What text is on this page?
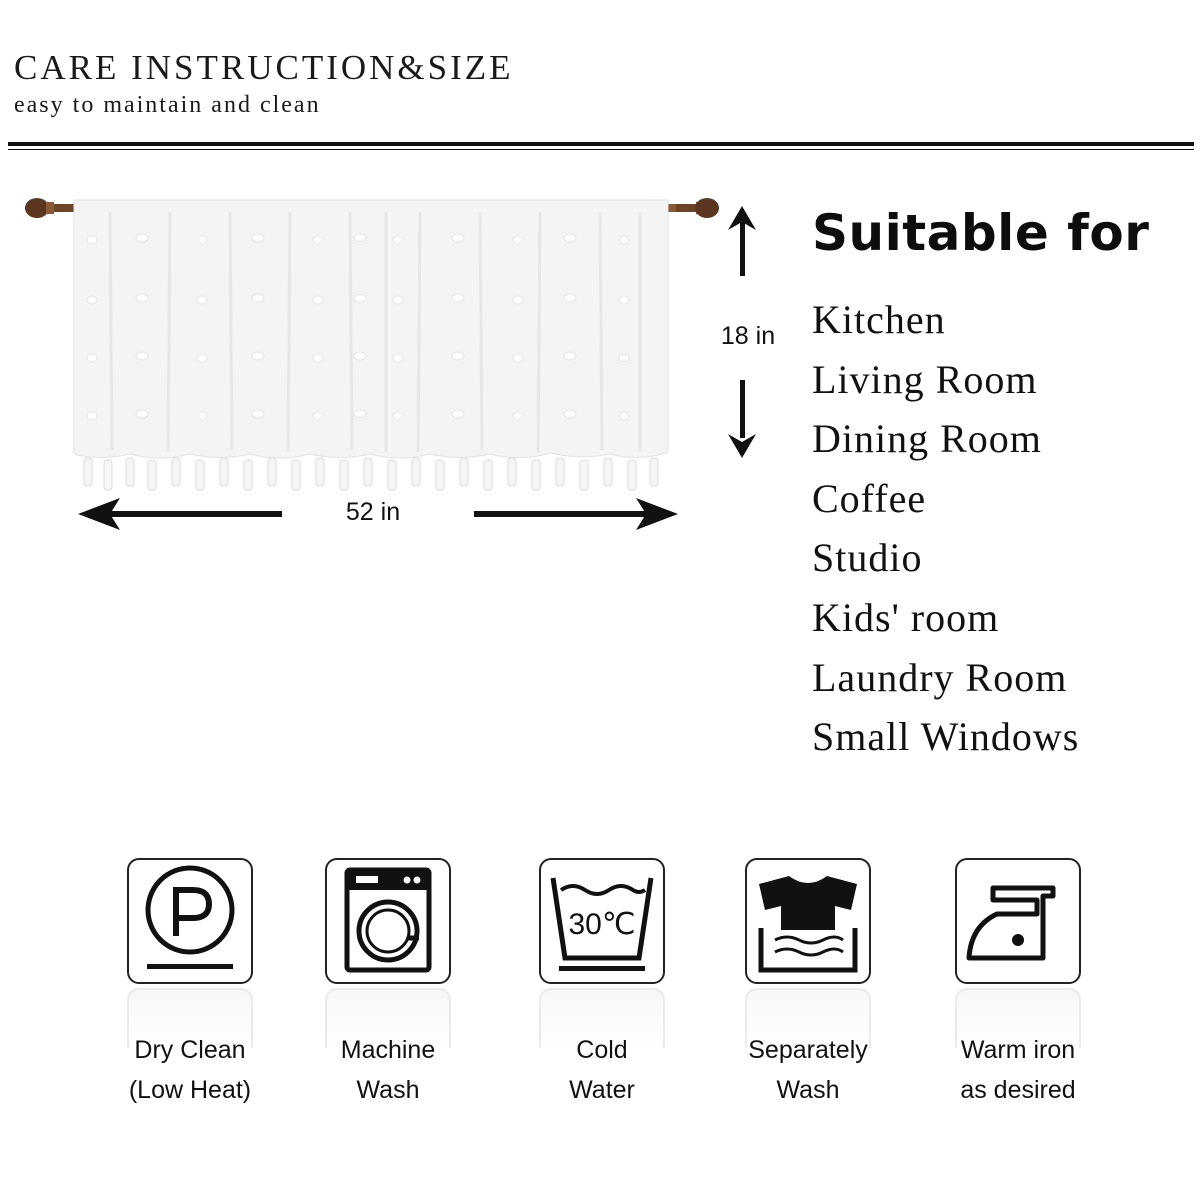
CARE INSTRUCTION&SIZE
easy to maintain and clean
52 in
18 in
Suitable for
Kitchen
Living Room
Dining Room
Coffee
Studio
Kids' room
Laundry Room
Small Windows
Dry Clean
(Low Heat)
Machine
Wash
30℃
Cold
Water
Separately
Wash
Warm iron
as desired
